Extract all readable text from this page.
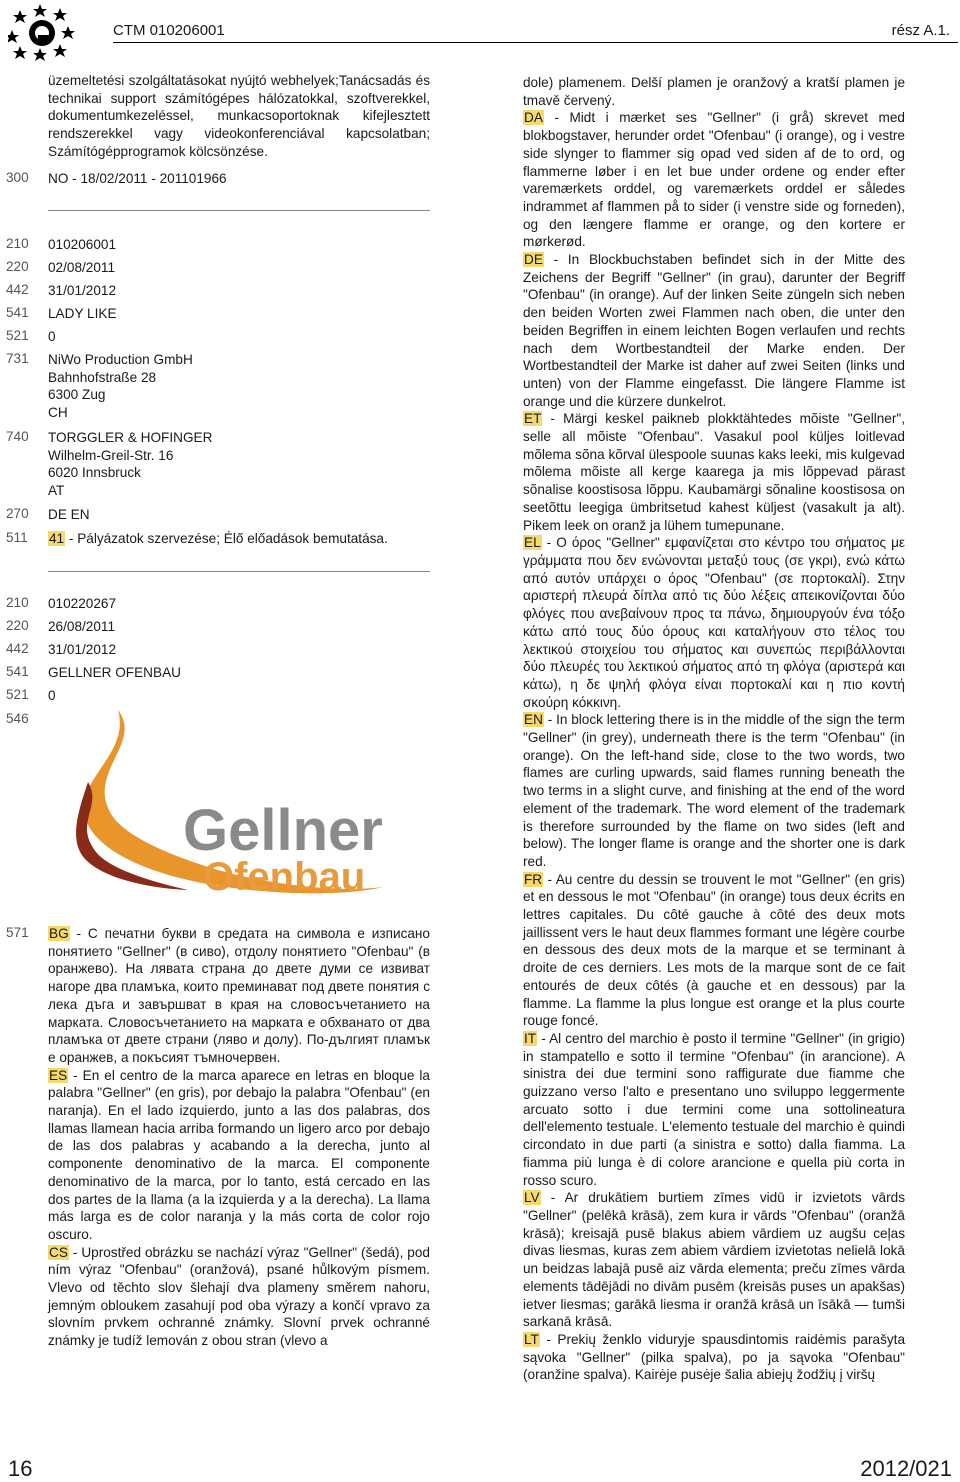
CTM 010206001	rész A.1.

üzemeltetési szolgáltatásokat nyújtó webhelyek;Tanácsadás és technikai support számítógépes hálózatokkal, szoftverekkel, dokumentumkezeléssel, munkacsoportoknak kifejlesztett rendszerekkel vagy videokonferenciával kapcsolatban; Számítógépprogramok kölcsönzése.

300 NO - 18/02/2011 - 201101966
210 010206001
220 02/08/2011
442 31/01/2012
541 LADY LIKE
521 0
731 NiWo Production GmbH
Bahnhofstraße 28
6300 Zug
CH
740 TORGGLER & HOFINGER
Wilhelm-Greil-Str. 16
6020 Innsbruck
AT
270 DE EN
511 41 - Pályázatok szervezése; Élő előadások bemutatása.
210 010220267
220 26/08/2011
442 31/01/2012
541 GELLNER OFENBAU
521 0
546
Gellner
Ofenbau
571 BG - С печатни букви в средата на символа е изписано понятието "Gellner" (в сиво), отдолу понятието "Ofenbau" (в оранжево). На лявата страна до двете думи се извиват нагоре два пламъка, които преминават под двете понятия с лека дъга и завършват в края на словосъчетанието на марката. Словосъчетанието на марката е обхванато от два пламъка от двете страни (ляво и долу). По-дългият пламък е оранжев, а покъсият тъмночервен.

ES - En el centro de la marca aparece en letras en bloque la palabra "Gellner" (en gris), por debajo la palabra "Ofenbau" (en naranja). En el lado izquierdo, junto a las dos palabras, dos llamas llamean hacia arriba formando un ligero arco por debajo de las dos palabras y acabando a la derecha, junto al componente denominativo de la marca. El componente denominativo de la marca, por lo tanto, está cercado en las dos partes de la llama (a la izquierda y a la derecha). La llama más larga es de color naranja y la más corta de color rojo oscuro.

CS - Uprostřed obrázku se nachází výraz "Gellner" (šedá), pod ním výraz "Ofenbau" (oranžová), psané hůlkovým písmem. Vlevo od těchto slov šlehají dva plameny směrem nahoru, jemným obloukem zasahují pod oba výrazy a končí vpravo za slovním prvkem ochranné známky. Slovní prvek ochranné známky je tudíž lemován z obou stran (vlevo a

dole) plamenem. Delší plamen je oranžový a kratší plamen je tmavě červený.

DA - Midt i mærket ses "Gellner" (i grå) skrevet med blokbogstaver, herunder ordet "Ofenbau" (i orange), og i vestre side slynger to flammer sig opad ved siden af de to ord, og flammerne løber i en let bue under ordene og ender efter varemærkets orddel, og varemærkets orddel er således indrammet af flammen på to sider (i venstre side og forneden), og den længere flamme er orange, og den kortere er mørkerød.

DE - In Blockbuchstaben befindet sich in der Mitte des Zeichens der Begriff "Gellner" (in grau), darunter der Begriff "Ofenbau" (in orange). Auf der linken Seite züngeln sich neben den beiden Worten zwei Flammen nach oben, die unter den beiden Begriffen in einem leichten Bogen verlaufen und rechts nach dem Wortbestandteil der Marke enden. Der Wortbestandteil der Marke ist daher auf zwei Seiten (links und unten) von der Flamme eingefasst. Die längere Flamme ist orange und die kürzere dunkelrot.

ET - Märgi keskel paikneb plokktähtedes mõiste "Gellner", selle all mõiste "Ofenbau". Vasakul pool küljes loitlevad mõlema sõna kõrval ülespoole suunas kaks leeki, mis kulgevad mõlema mõiste all kerge kaarega ja mis lõppevad pärast sõnalise koostisosa lõppu. Kaubamärgi sõnaline koostisosa on seetõttu leegiga ümbritsetud kahest küljest (vasakult ja alt). Pikem leek on oranž ja lühem tumepunane.

EL - Ο όρος "Gellner" εμφανίζεται στο κέντρο του σήματος με γράμματα που δεν ενώνονται μεταξύ τους (σε γκρι), ενώ κάτω από αυτόν υπάρχει ο όρος "Ofenbau" (σε πορτοκαλί). Στην αριστερή πλευρά δίπλα από τις δύο λέξεις απεικονίζονται δύο φλόγες που ανεβαίνουν προς τα πάνω, δημιουργούν ένα τόξο κάτω από τους δύο όρους και καταλήγουν στο τέλος του λεκτικού στοιχείου του σήματος και συνεπώς περιβάλλονται δύο πλευρές του λεκτικού σήματος από τη φλόγα (αριστερά και κάτω), η δε ψηλή φλόγα είναι πορτοκαλί και η πιο κοντή σκούρη κόκκινη.

EN - In block lettering there is in the middle of the sign the term "Gellner" (in grey), underneath there is the term "Ofenbau" (in orange). On the left-hand side, close to the two words, two flames are curling upwards, said flames running beneath the two terms in a slight curve, and finishing at the end of the word element of the trademark. The word element of the trademark is therefore surrounded by the flame on two sides (left and below). The longer flame is orange and the shorter one is dark red.

FR - Au centre du dessin se trouvent le mot "Gellner" (en gris) et en dessous le mot "Ofenbau" (in orange) tous deux écrits en lettres capitales. Du côté gauche à côté des deux mots jaillissent vers le haut deux flammes formant une légère courbe en dessous des deux mots de la marque et se terminant à droite de ces derniers. Les mots de la marque sont de ce fait entourés de deux côtés (à gauche et en dessous) par la flamme. La flamme la plus longue est orange et la plus courte rouge foncé.

IT - Al centro del marchio è posto il termine "Gellner" (in grigio) in stampatello e sotto il termine "Ofenbau" (in arancione). A sinistra dei due termini sono raffigurate due fiamme che guizzano verso l'alto e presentano uno sviluppo leggermente arcuato sotto i due termini come una sottolineatura dell'elemento testuale. L'elemento testuale del marchio è quindi circondato in due parti (a sinistra e sotto) dalla fiamma. La fiamma più lunga è di colore arancione e quella più corta in rosso scuro.

LV - Ar drukātiem burtiem zīmes vidū ir izvietots vārds "Gellner" (pelēkā krāsā), zem kura ir vārds "Ofenbau" (oranžā krāsā); kreisajā pusē blakus abiem vārdiem uz augšu ceļas divas liesmas, kuras zem abiem vārdiem izvietotas nelielā lokā un beidzas labajā pusē aiz vārda elementa; preču zīmes vārda elements tādējādi no divām pusēm (kreisās puses un apakšas) ietver liesmas; garākā liesma ir oranžā krāsā un īsākā — tumši sarkanā krāsā.

LT - Prekių ženklo viduryje spausdintomis raidėmis parašyta sąvoka "Gellner" (pilka spalva), po ja sąvoka "Ofenbau" (oranžine spalva). Kairėje pusėje šalia abiejų žodžių į viršų

16	2012/021
